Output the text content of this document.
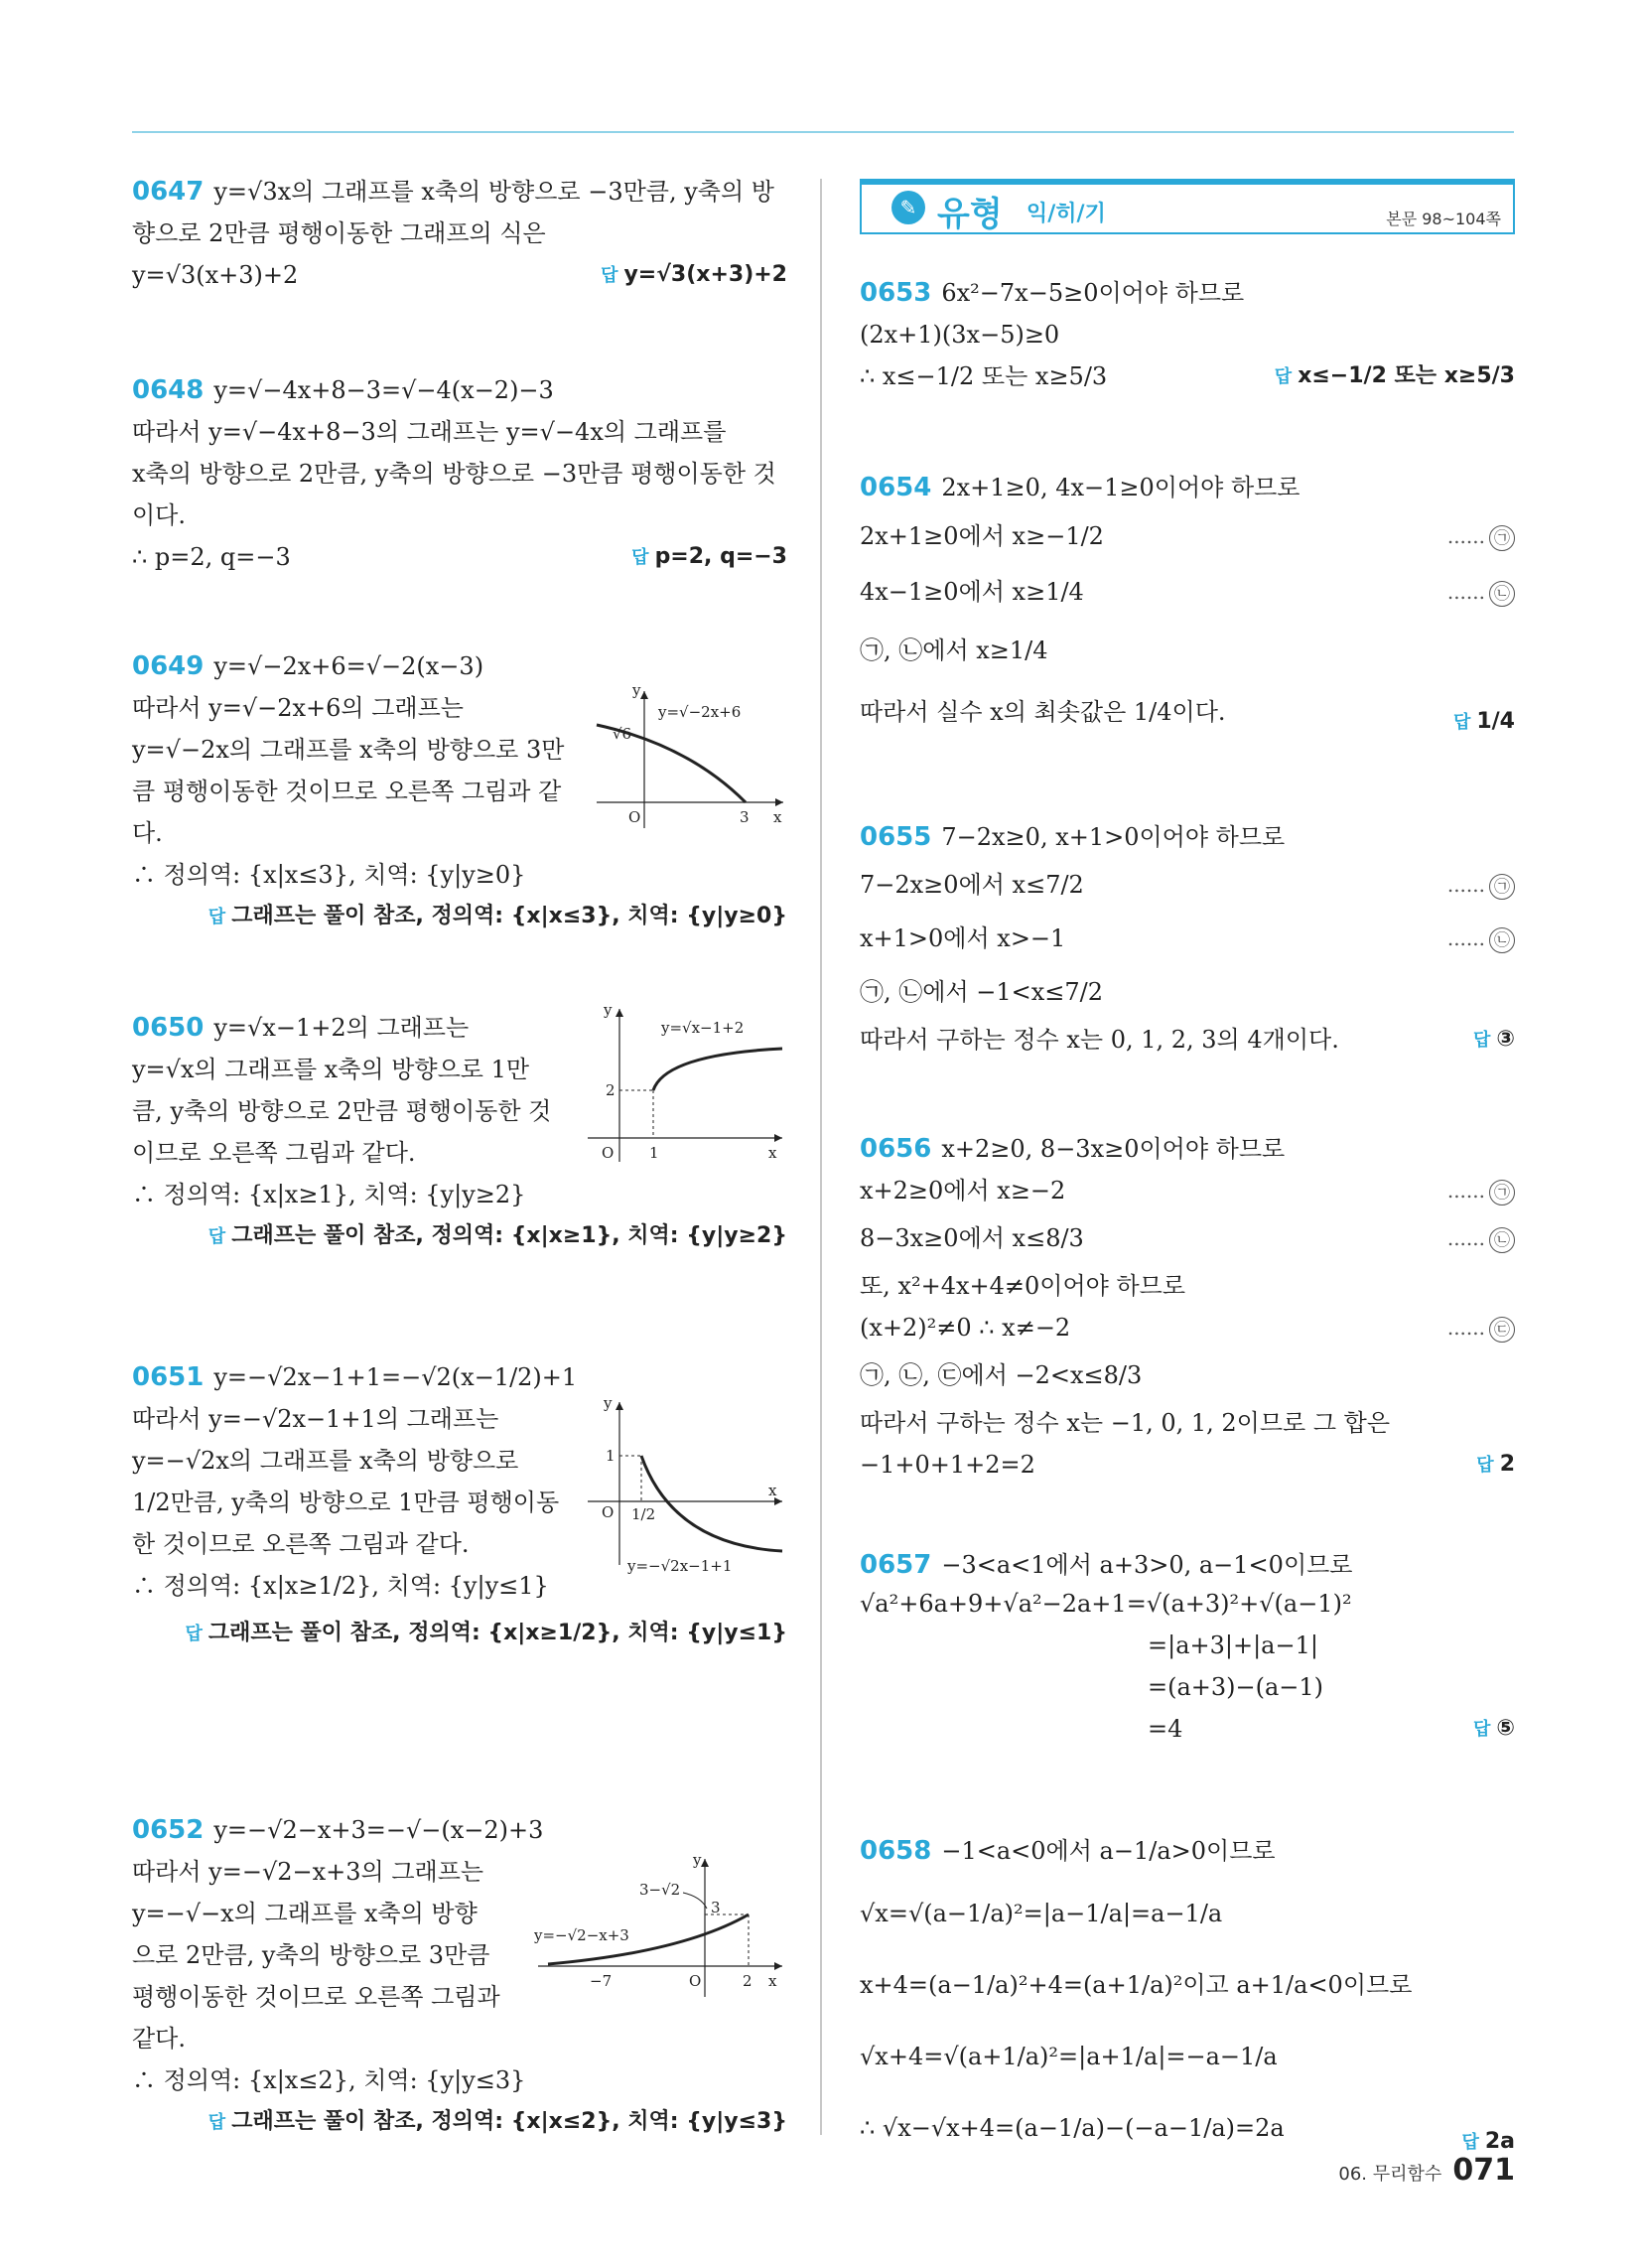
0647 y=√3x의 그래프를 x축의 방향으로 −3만큼, y축의 방
향으로 2만큼 평행이동한 그래프의 식은
y=√3(x+3)+2	답 y=√3(x+3)+2
0648 y=√−4x+8−3=√−4(x−2)−3
따라서 y=√−4x+8−3의 그래프는 y=√−4x의 그래프를
x축의 방향으로 2만큼, y축의 방향으로 −3만큼 평행이동한 것
이다.
∴ p=2, q=−3	답 p=2, q=−3
0649 y=√−2x+6=√−2(x−3)
따라서 y=√−2x+6의 그래프는
y=√−2x의 그래프를 x축의 방향으로 3만
큼 평행이동한 것이므로 오른쪽 그림과 같
다.
∴ 정의역: {x|x≤3}, 치역: {y|y≥0}
답 그래프는 풀이 참조, 정의역: {x|x≤3}, 치역: {y|y≥0}
y
x
O
√6
3
y=√−2x+6
0650 y=√x−1+2의 그래프는
y=√x의 그래프를 x축의 방향으로 1만
큼, y축의 방향으로 2만큼 평행이동한 것
이므로 오른쪽 그림과 같다.
∴ 정의역: {x|x≥1}, 치역: {y|y≥2}
답 그래프는 풀이 참조, 정의역: {x|x≥1}, 치역: {y|y≥2}
y
x
O
2
1
y=√x−1+2
0651 y=−√2x−1+1=−√2(x−1/2)+1
따라서 y=−√2x−1+1의 그래프는
y=−√2x의 그래프를 x축의 방향으로
1/2만큼, y축의 방향으로 1만큼 평행이동
한 것이므로 오른쪽 그림과 같다.
∴ 정의역: {x|x≥1/2}, 치역: {y|y≤1}
답 그래프는 풀이 참조, 정의역: {x|x≥1/2}, 치역: {y|y≤1}
y
x
O
1
1/2
y=−√2x−1+1
0652 y=−√2−x+3=−√−(x−2)+3
따라서 y=−√2−x+3의 그래프는
y=−√−x의 그래프를 x축의 방향
으로 2만큼, y축의 방향으로 3만큼
평행이동한 것이므로 오른쪽 그림과
같다.
∴ 정의역: {x|x≤2}, 치역: {y|y≤3}
답 그래프는 풀이 참조, 정의역: {x|x≤2}, 치역: {y|y≤3}
y
x
O
3−√2
3
−7	2
y=−√2−x+3
✎ 유형 익/히/기	본문 98~104쪽
0653 6x²−7x−5≥0이어야 하므로
(2x+1)(3x−5)≥0
∴ x≤−1/2 또는 x≥5/3	답 x≤−1/2 또는 x≥5/3
0654 2x+1≥0, 4x−1≥0이어야 하므로
2x+1≥0에서 x≥−1/2	...... ㉠
4x−1≥0에서 x≥1/4	...... ㉡
㉠, ㉡에서 x≥1/4
따라서 실수 x의 최솟값은 1/4이다.	답 1/4
0655 7−2x≥0, x+1>0이어야 하므로
7−2x≥0에서 x≤7/2	...... ㉠
x+1>0에서 x>−1	...... ㉡
㉠, ㉡에서 −1<x≤7/2
따라서 구하는 정수 x는 0, 1, 2, 3의 4개이다.	답 ③
0656 x+2≥0, 8−3x≥0이어야 하므로
x+2≥0에서 x≥−2	...... ㉠
8−3x≥0에서 x≤8/3	...... ㉡
또, x²+4x+4≠0이어야 하므로
(x+2)²≠0 ∴ x≠−2	...... ㉢
㉠, ㉡, ㉢에서 −2<x≤8/3
따라서 구하는 정수 x는 −1, 0, 1, 2이므로 그 합은
−1+0+1+2=2	답 2
0657 −3<a<1에서 a+3>0, a−1<0이므로
√a²+6a+9+√a²−2a+1=√(a+3)²+√(a−1)²
=|a+3|+|a−1|
=(a+3)−(a−1)
=4	답 ⑤
0658 −1<a<0에서 a−1/a>0이므로
√x=√(a−1/a)²=|a−1/a|=a−1/a
x+4=(a−1/a)²+4=(a+1/a)²이고 a+1/a<0이므로
√x+4=√(a+1/a)²=|a+1/a|=−a−1/a
∴ √x−√x+4=(a−1/a)−(−a−1/a)=2a
답 2a
06. 무리함수 071
